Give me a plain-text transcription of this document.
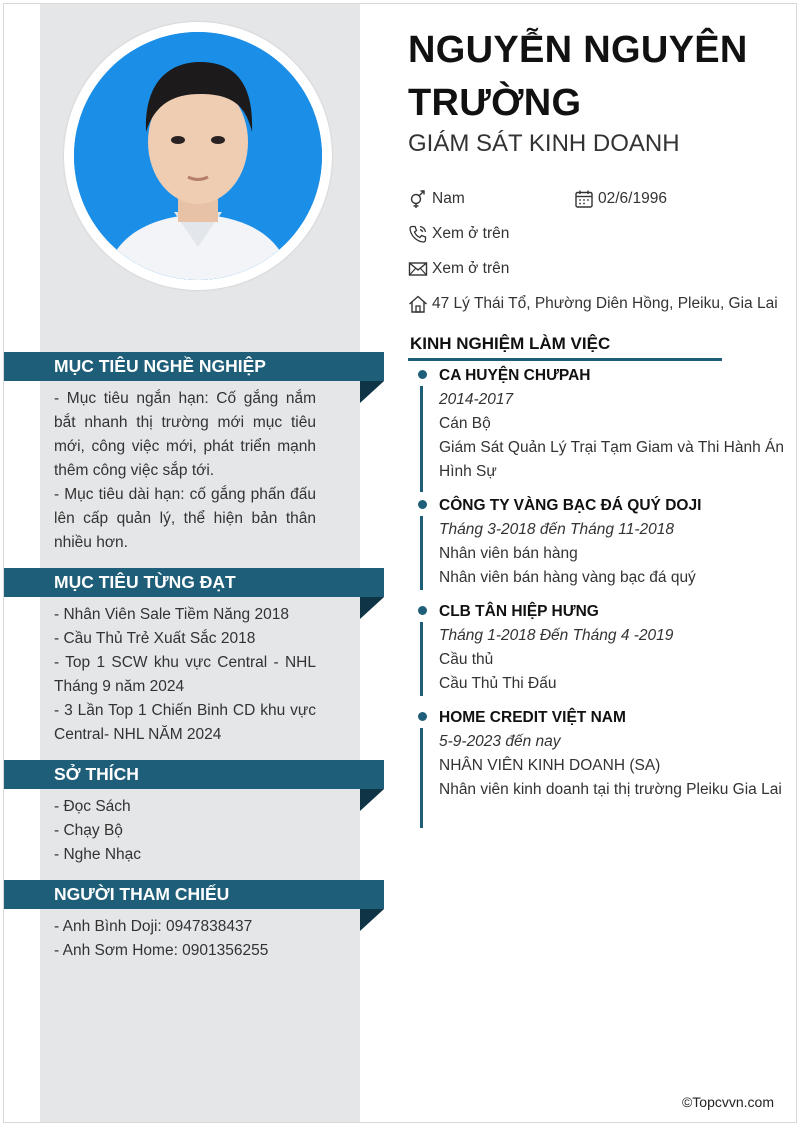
MỤC TIÊU NGHỀ NGHIỆP

- Mục tiêu ngắn hạn: Cố gắng nắm bắt nhanh thị trường mới mục tiêu mới, công việc mới, phát triển mạnh thêm công việc sắp tới.

- Mục tiêu dài hạn: cố gắng phấn đấu lên cấp quản lý, thể hiện bản thân nhiều hơn.

MỤC TIÊU TỪNG ĐẠT

- Nhân Viên Sale Tiềm Năng 2018

- Cầu Thủ Trẻ Xuất Sắc 2018

- Top 1 SCW khu vực Central - NHL Tháng 9 năm 2024

- 3 Lần Top 1 Chiến Binh CD khu vực Central- NHL NĂM 2024

SỞ THÍCH

- Đọc Sách

- Chạy Bộ

- Nghe Nhạc

NGƯỜI THAM CHIẾU

- Anh Bình Doji: 0947838437

- Anh Sơm Home: 0901356255

NGUYỄN NGUYÊN TRƯỜNG
GIÁM SÁT KINH DOANH
Nam	02/6/1996
Xem ở trên
Xem ở trên
47 Lý Thái Tổ, Phường Diên Hồng, Pleiku, Gia Lai
KINH NGHIỆM LÀM VIỆC
CA HUYỆN CHƯPAH
2014-2017
Cán Bộ
Giám Sát Quản Lý Trại Tạm Giam và Thi Hành Án Hình Sự
CÔNG TY VÀNG BẠC ĐÁ QUÝ DOJI
Tháng 3-2018 đến Tháng 11-2018
Nhân viên bán hàng
Nhân viên bán hàng vàng bạc đá quý
CLB TÂN HIỆP HƯNG
Tháng 1-2018 Đến Tháng 4 -2019
Cầu thủ
Cầu Thủ Thi Đấu
HOME CREDIT VIỆT NAM
5-9-2023 đến nay
NHÂN VIÊN KINH DOANH (SA)
Nhân viên kinh doanh tại thị trường Pleiku Gia Lai
©Topcvvn.com
